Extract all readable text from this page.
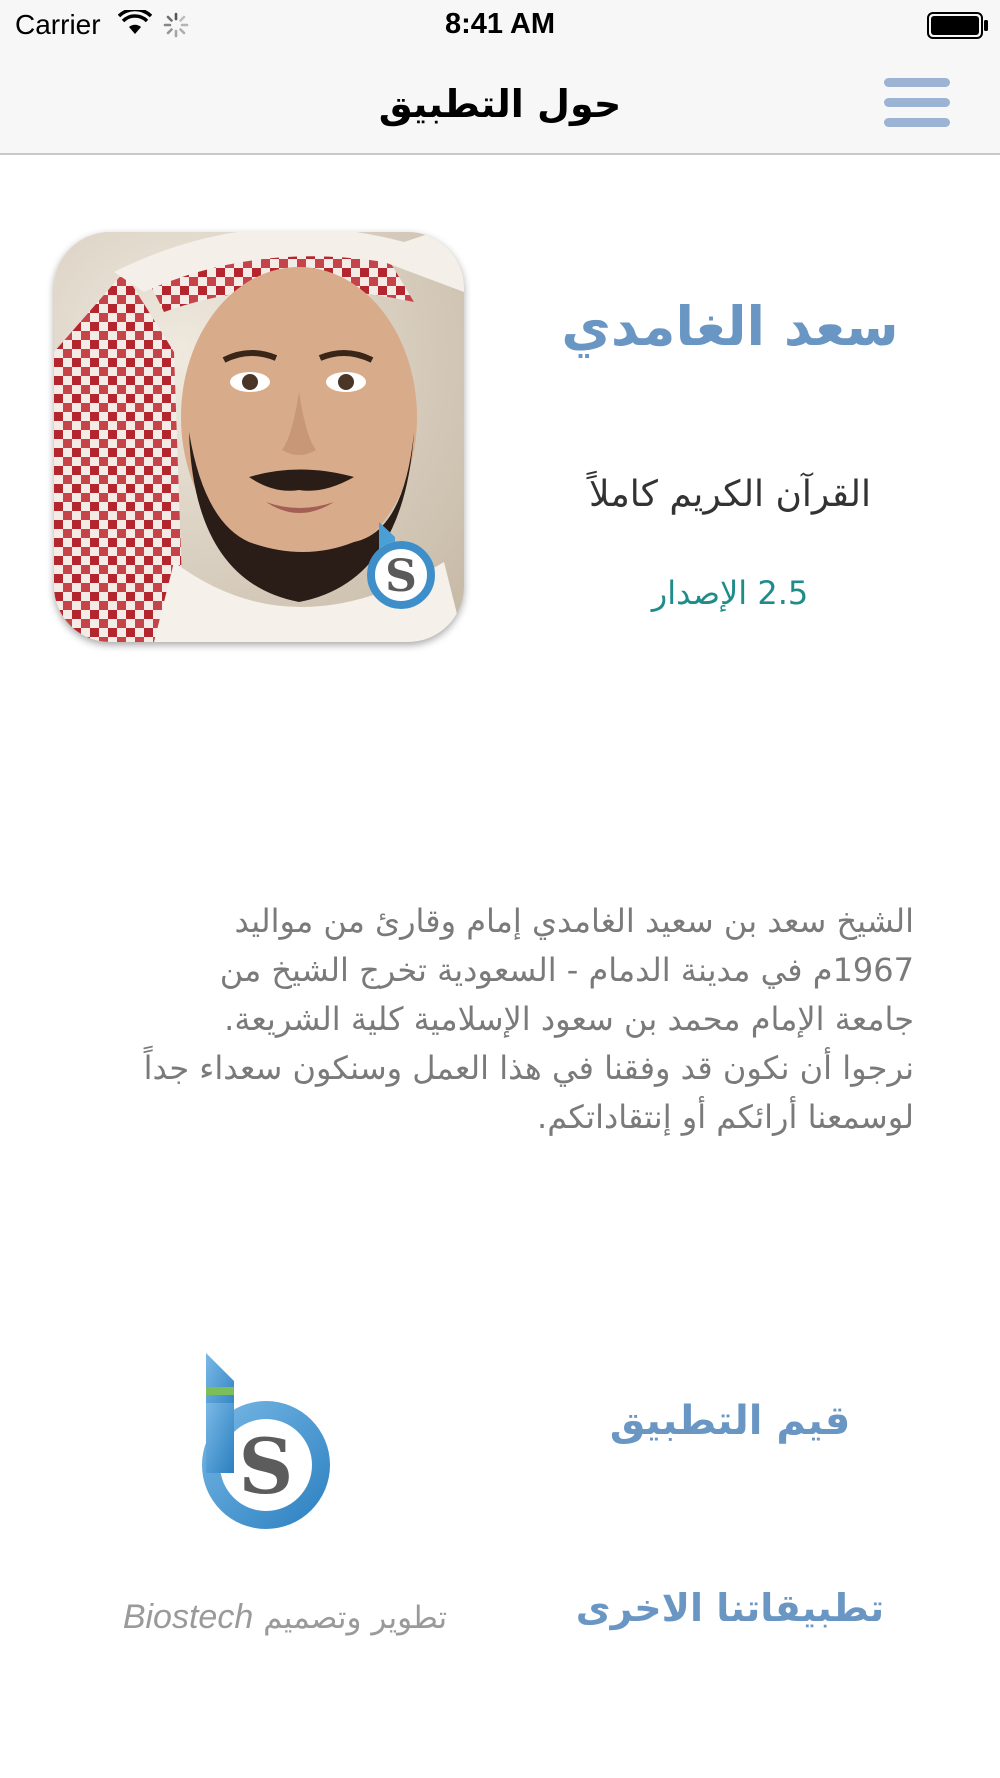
Carrier	8:41 AM
حول التطبيق
S
سعد الغامدي
القرآن الكريم كاملاً
2.5 الإصدار

الشيخ سعد بن سعيد الغامدي إمام وقارئ من مواليد

1967م في مدينة الدمام - السعودية تخرج الشيخ من

جامعة الإمام محمد بن سعود الإسلامية كلية الشريعة.

نرجوا أن نكون قد وفقنا في هذا العمل وسنكون سعداء جداً

لوسمعنا أرائكم أو إنتقاداتكم.

S
Biostech تطوير وتصميم
قيم التطبيق
تطبيقاتنا الاخرى
